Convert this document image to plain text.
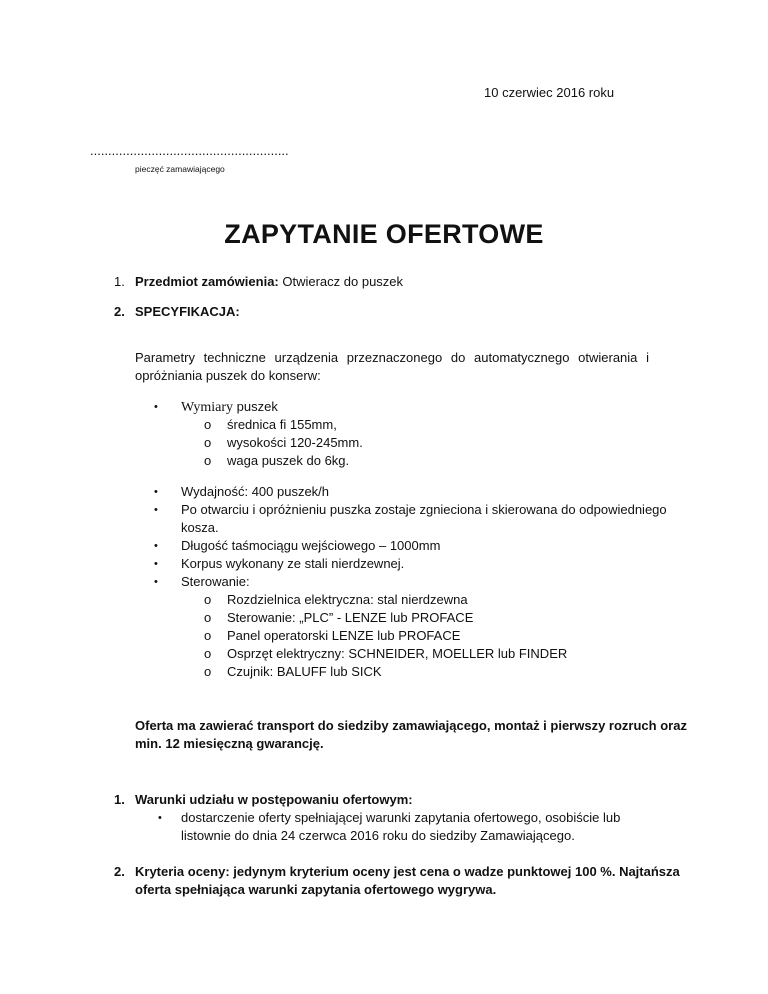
10 czerwiec 2016 roku
.......................................................
pieczęć zamawiającego
ZAPYTANIE OFERTOWE
1. Przedmiot zamówienia: Otwieracz do puszek
2. SPECYFIKACJA:
Parametry techniczne urządzenia przeznaczonego do automatycznego otwierania i
opróżniania puszek do konserw:
• Wymiary puszek
o średnica fi 155mm,
o wysokości 120-245mm.
o waga puszek do 6kg.
• Wydajność: 400 puszek/h
• Po otwarciu i opróżnieniu puszka zostaje zgnieciona i skierowana do odpowiedniego
kosza.
• Długość taśmociągu wejściowego – 1000mm
• Korpus wykonany ze stali nierdzewnej.
• Sterowanie:
o Rozdzielnica elektryczna: stal nierdzewna
o Sterowanie: „PLC” - LENZE lub PROFACE
o Panel operatorski LENZE lub PROFACE
o Osprzęt elektryczny: SCHNEIDER, MOELLER lub FINDER
o Czujnik: BALUFF lub SICK
Oferta ma zawierać transport do siedziby zamawiającego, montaż i pierwszy rozruch oraz
min. 12 miesięczną gwarancję.
1. Warunki udziału w postępowaniu ofertowym:
• dostarczenie oferty spełniającej warunki zapytania ofertowego, osobiście lub
listownie do dnia 24 czerwca 2016 roku do siedziby Zamawiającego.
2. Kryteria oceny: jedynym kryterium oceny jest cena o wadze punktowej 100 %. Najtańsza
oferta spełniająca warunki zapytania ofertowego wygrywa.
